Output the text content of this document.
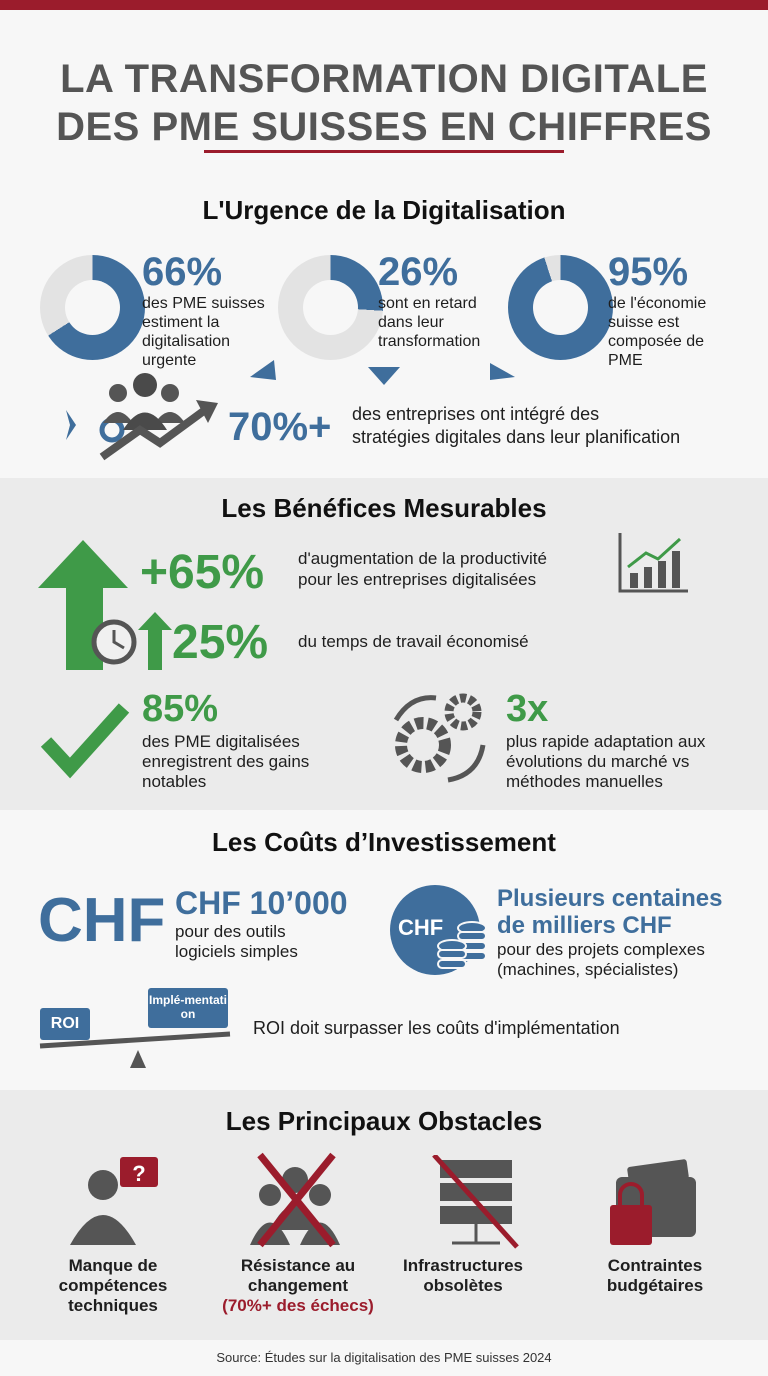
LA TRANSFORMATION DIGITALE
DES PME SUISSES EN CHIFFRES
L'Urgence de la Digitalisation
66%
des PME suisses estiment la digitalisation urgente
26%
sont en retard dans leur transformation
95%
de l'économie suisse est composée de PME
70%+ des entreprises ont intégré des
stratégies digitales dans leur planification
Les Bénéfices Mesurables
+65% d'augmentation de la productivité
pour les entreprises digitalisées
25% du temps de travail économisé
85%
des PME digitalisées enregistrent des gains notables
3x
plus rapide adaptation aux évolutions du marché vs méthodes manuelles
Les Coûts d’Investissement
CHF CHF 10’000
pour des outils logiciels simples
CHF
Plusieurs centaines de milliers CHF
pour des projets complexes (machines, spécialistes)
ROI
Implé-mentation
ROI doit surpasser les coûts d'implémentation
Les Principaux Obstacles
?
Manque de compétences techniques
Résistance au changement
(70%+ des échecs)
Infrastructures obsolètes
Contraintes budgétaires
Source: Études sur la digitalisation des PME suisses 2024
